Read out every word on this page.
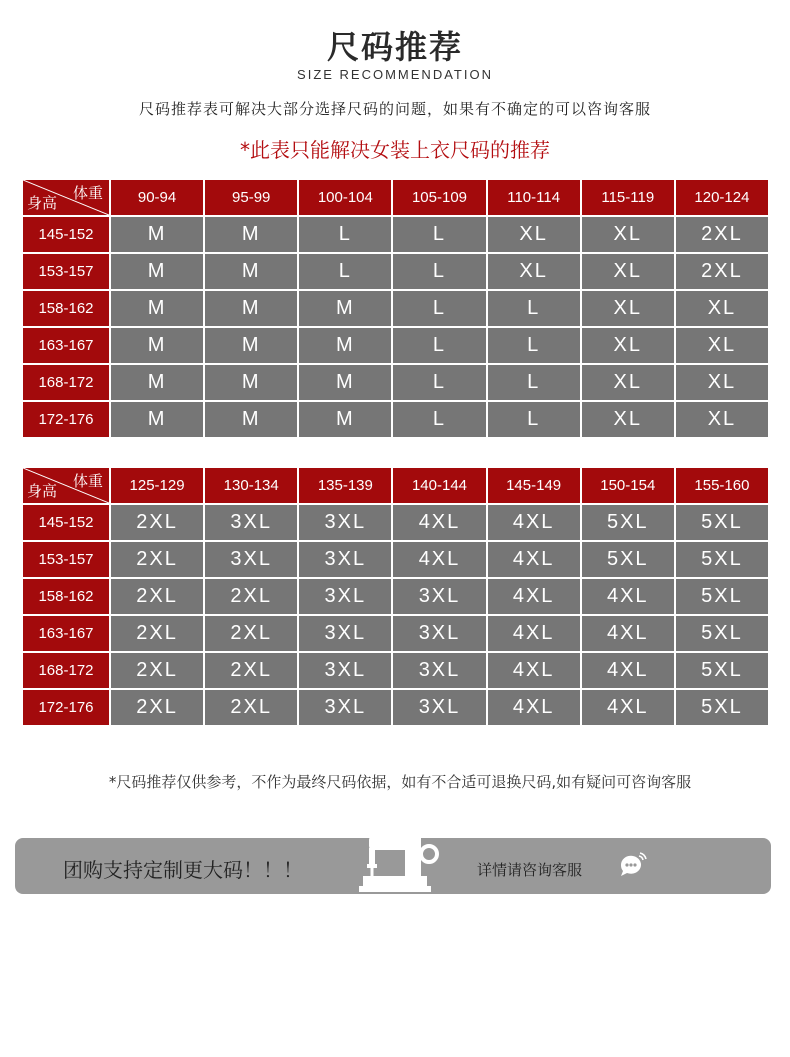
尺码推荐
SIZE RECOMMENDATION
尺码推荐表可解决大部分选择尺码的问题，如果有不确定的可以咨询客服
*此表只能解决女装上衣尺码的推荐
体重
身高	90-94	95-99	100-104	105-109	110-114	115-119	120-124
145-152	M	M	L	L	XL	XL	2XL
153-157	M	M	L	L	XL	XL	2XL
158-162	M	M	M	L	L	XL	XL
163-167	M	M	M	L	L	XL	XL
168-172	M	M	M	L	L	XL	XL
172-176	M	M	M	L	L	XL	XL
体重
身高	125-129	130-134	135-139	140-144	145-149	150-154	155-160
145-152	2XL	3XL	3XL	4XL	4XL	5XL	5XL
153-157	2XL	3XL	3XL	4XL	4XL	5XL	5XL
158-162	2XL	2XL	3XL	3XL	4XL	4XL	5XL
163-167	2XL	2XL	3XL	3XL	4XL	4XL	5XL
168-172	2XL	2XL	3XL	3XL	4XL	4XL	5XL
172-176	2XL	2XL	3XL	3XL	4XL	4XL	5XL
*尺码推荐仅供参考，不作为最终尺码依据，如有不合适可退换尺码,如有疑问可咨询客服
团购支持定制更大码！！！	详情请咨询客服
